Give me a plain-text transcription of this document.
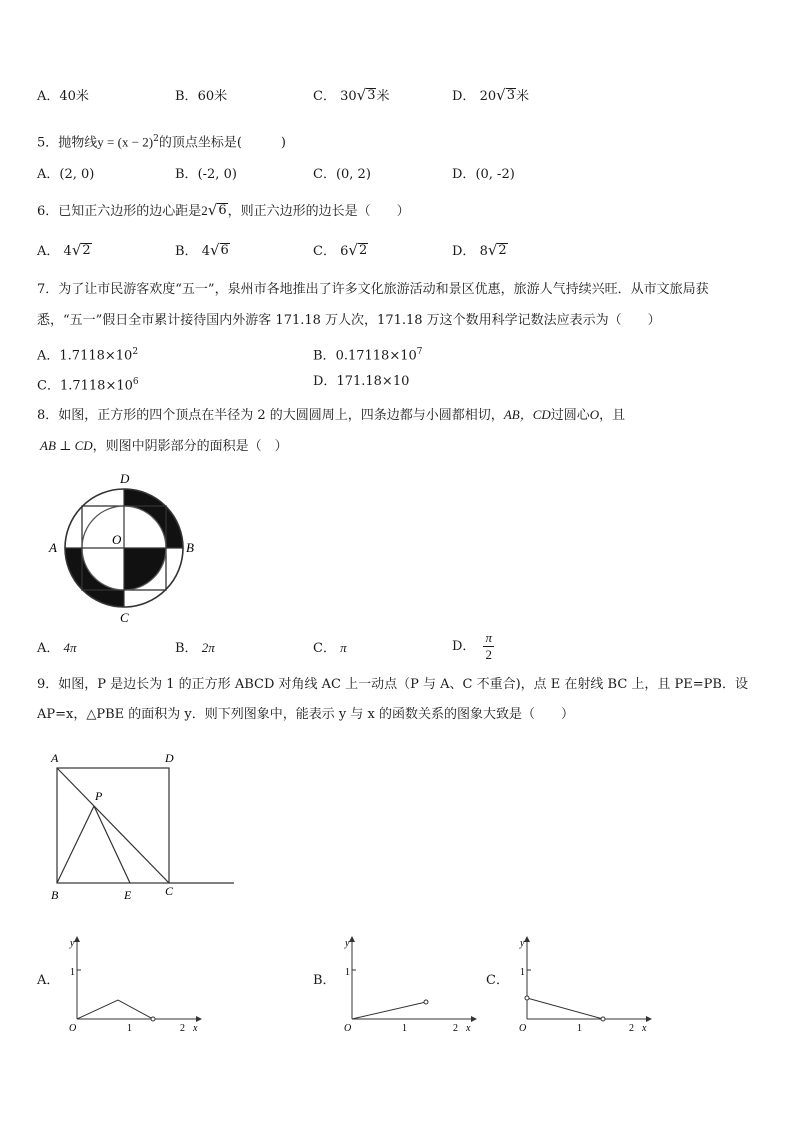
A．40米	B．60米	C． 30 √ 3 米	D． 20 √ 3 米
5．抛物线$y = (x - 2)^2$的顶点坐标是(　　　)
A．(2, 0)	B．(-2, 0)	C．(0, 2)	D．(0, -2)
6．已知正六边形的边心距是2 √ 6 ，则正六边形的边长是（　　）
A． 4 √ 2	B． 4 √ 6	C． 6 √ 2	D． 8 √ 2
7．为了让市民游客欢度“五一”，泉州市各地推出了许多文化旅游活动和景区优惠，旅游人气持续兴旺．从市文旅局获
悉，“五一”假日全市累计接待国内外游客 171.18 万人次，171.18 万这个数用科学记数法应表示为（　　）
A．$1.7118\times 10^2$	B．$0.17118\times 10^7$
C．$1.7118\times 10^6$	D．171.18×10
8．如图，正方形的四个顶点在半径为 2 的大圆圆周上，四条边都与小圆都相切，AB，CD过圆心O，且
AB ⊥ CD，则图中阴影部分的面积是（　）
D
A
O
B
C
A． 4π	B． 2π	C． π	D． $\frac{\pi}{2}$
9．如图，P 是边长为 1 的正方形 ABCD 对角线 AC 上一动点（P 与 A、C 不重合)，点 E 在射线 BC 上，且 PE=PB．设
AP=x，△PBE 的面积为 y．则下列图象中，能表示 y 与 x 的函数关系的图象大致是（　　）
A	D
P
B	E	C
y
1
O	1	2 x
y
1
O	1	2 x
y
1
O	1	2 x
A．	B．	C．
